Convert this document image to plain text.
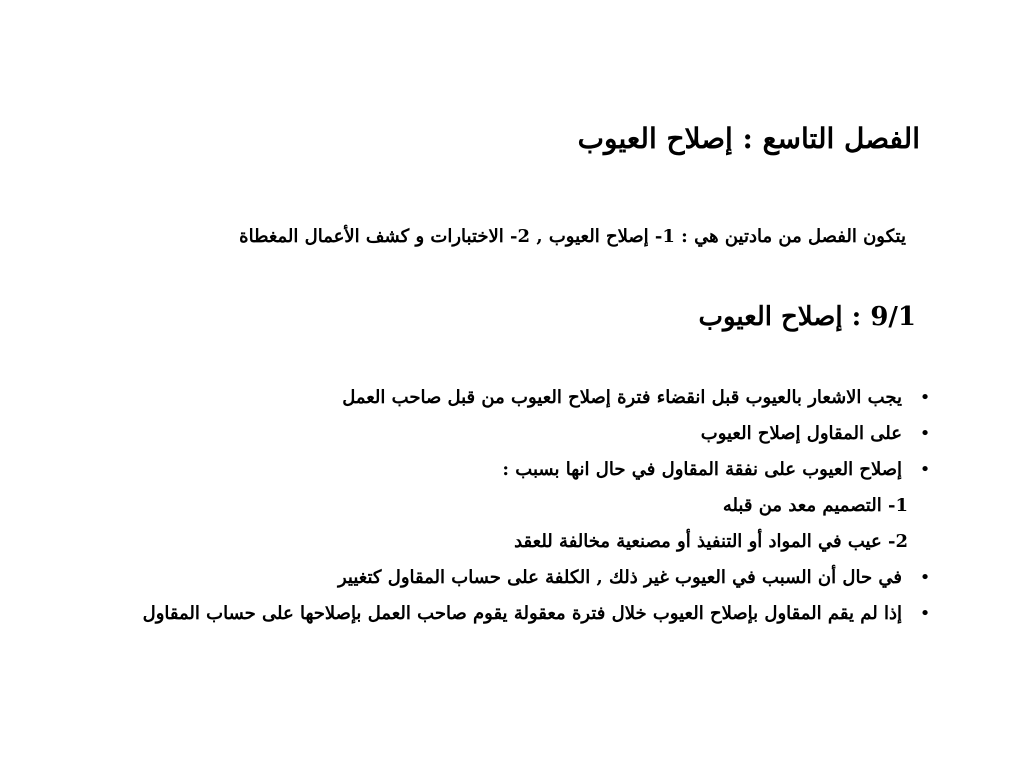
الفصل التاسع : إصلاح العيوب

يتكون الفصل من مادتين هي : 1- إصلاح العيوب , 2- الاختبارات و كشف الأعمال المغطاة

9/1 : إصلاح العيوب
•
يجب الاشعار بالعيوب قبل انقضاء فترة إصلاح العيوب من قبل صاحب العمل
•
على المقاول إصلاح العيوب
•
إصلاح العيوب على نفقة المقاول في حال انها بسبب :
1- التصميم معد من قبله
2- عيب في المواد أو التنفيذ أو مصنعية مخالفة للعقد
•
في حال أن السبب في العيوب غير ذلك , الكلفة على حساب المقاول كتغيير
•
إذا لم يقم المقاول بإصلاح العيوب خلال فترة معقولة يقوم صاحب العمل بإصلاحها على حساب المقاول
